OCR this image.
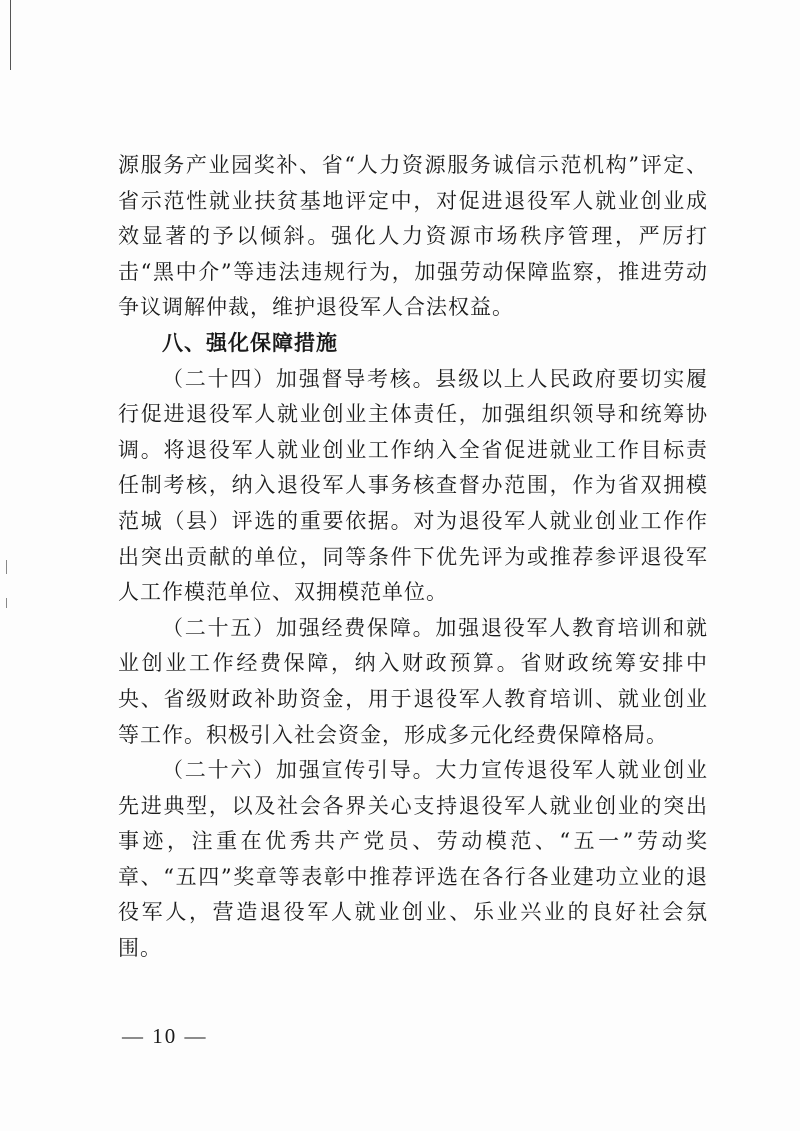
源服务产业园奖补、省“人力资源服务诚信示范机构”评定、省示范性就业扶贫基地评定中，对促进退役军人就业创业成效显著的予以倾斜。强化人力资源市场秩序管理，严厉打击“黑中介”等违法违规行为，加强劳动保障监察，推进劳动争议调解仲裁，维护退役军人合法权益。

八、强化保障措施

（二十四）加强督导考核。县级以上人民政府要切实履行促进退役军人就业创业主体责任，加强组织领导和统筹协调。将退役军人就业创业工作纳入全省促进就业工作目标责任制考核，纳入退役军人事务核查督办范围，作为省双拥模范城（县）评选的重要依据。对为退役军人就业创业工作作出突出贡献的单位，同等条件下优先评为或推荐参评退役军人工作模范单位、双拥模范单位。

（二十五）加强经费保障。加强退役军人教育培训和就业创业工作经费保障，纳入财政预算。省财政统筹安排中央、省级财政补助资金，用于退役军人教育培训、就业创业等工作。积极引入社会资金，形成多元化经费保障格局。

（二十六）加强宣传引导。大力宣传退役军人就业创业先进典型，以及社会各界关心支持退役军人就业创业的突出事迹，注重在优秀共产党员、劳动模范、“五一”劳动奖章、“五四”奖章等表彰中推荐评选在各行各业建功立业的退役军人，营造退役军人就业创业、乐业兴业的良好社会氛围。

— 10 —
